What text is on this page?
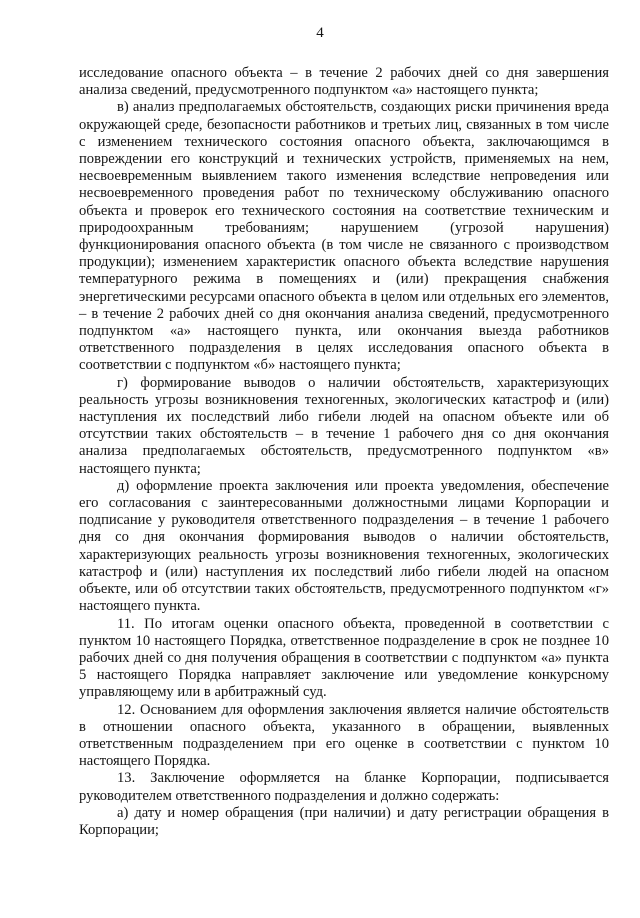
4

исследование опасного объекта – в течение 2 рабочих дней со дня завершения анализа сведений, предусмотренного подпунктом «а» настоящего пункта;

в) анализ предполагаемых обстоятельств, создающих риски причинения вреда окружающей среде, безопасности работников и третьих лиц, связанных в том числе с изменением технического состояния опасного объекта, заключающимся в повреждении его конструкций и технических устройств, применяемых на нем, несвоевременным выявлением такого изменения вследствие непроведения или несвоевременного проведения работ по техническому обслуживанию опасного объекта и проверок его технического состояния на соответствие техническим и природоохранным требованиям; нарушением (угрозой нарушения) функционирования опасного объекта (в том числе не связанного с производством продукции); изменением характеристик опасного объекта вследствие нарушения температурного режима в помещениях и (или) прекращения снабжения энергетическими ресурсами опасного объекта в целом или отдельных его элементов, – в течение 2 рабочих дней со дня окончания анализа сведений, предусмотренного подпунктом «а» настоящего пункта, или окончания выезда работников ответственного подразделения в целях исследования опасного объекта в соответствии с подпунктом «б» настоящего пункта;

г) формирование выводов о наличии обстоятельств, характеризующих реальность угрозы возникновения техногенных, экологических катастроф и (или) наступления их последствий либо гибели людей на опасном объекте или об отсутствии таких обстоятельств – в течение 1 рабочего дня со дня окончания анализа предполагаемых обстоятельств, предусмотренного подпунктом «в» настоящего пункта;

д) оформление проекта заключения или проекта уведомления, обеспечение его согласования с заинтересованными должностными лицами Корпорации и подписание у руководителя ответственного подразделения – в течение 1 рабочего дня со дня окончания формирования выводов о наличии обстоятельств, характеризующих реальность угрозы возникновения техногенных, экологических катастроф и (или) наступления их последствий либо гибели людей на опасном объекте, или об отсутствии таких обстоятельств, предусмотренного подпунктом «г» настоящего пункта.

11. По итогам оценки опасного объекта, проведенной в соответствии с пунктом 10 настоящего Порядка, ответственное подразделение в срок не позднее 10 рабочих дней со дня получения обращения в соответствии с подпунктом «а» пункта 5 настоящего Порядка направляет заключение или уведомление конкурсному управляющему или в арбитражный суд.

12. Основанием для оформления заключения является наличие обстоятельств в отношении опасного объекта, указанного в обращении, выявленных ответственным подразделением при его оценке в соответствии с пунктом 10 настоящего Порядка.

13. Заключение оформляется на бланке Корпорации, подписывается руководителем ответственного подразделения и должно содержать:

а) дату и номер обращения (при наличии) и дату регистрации обращения в Корпорации;
